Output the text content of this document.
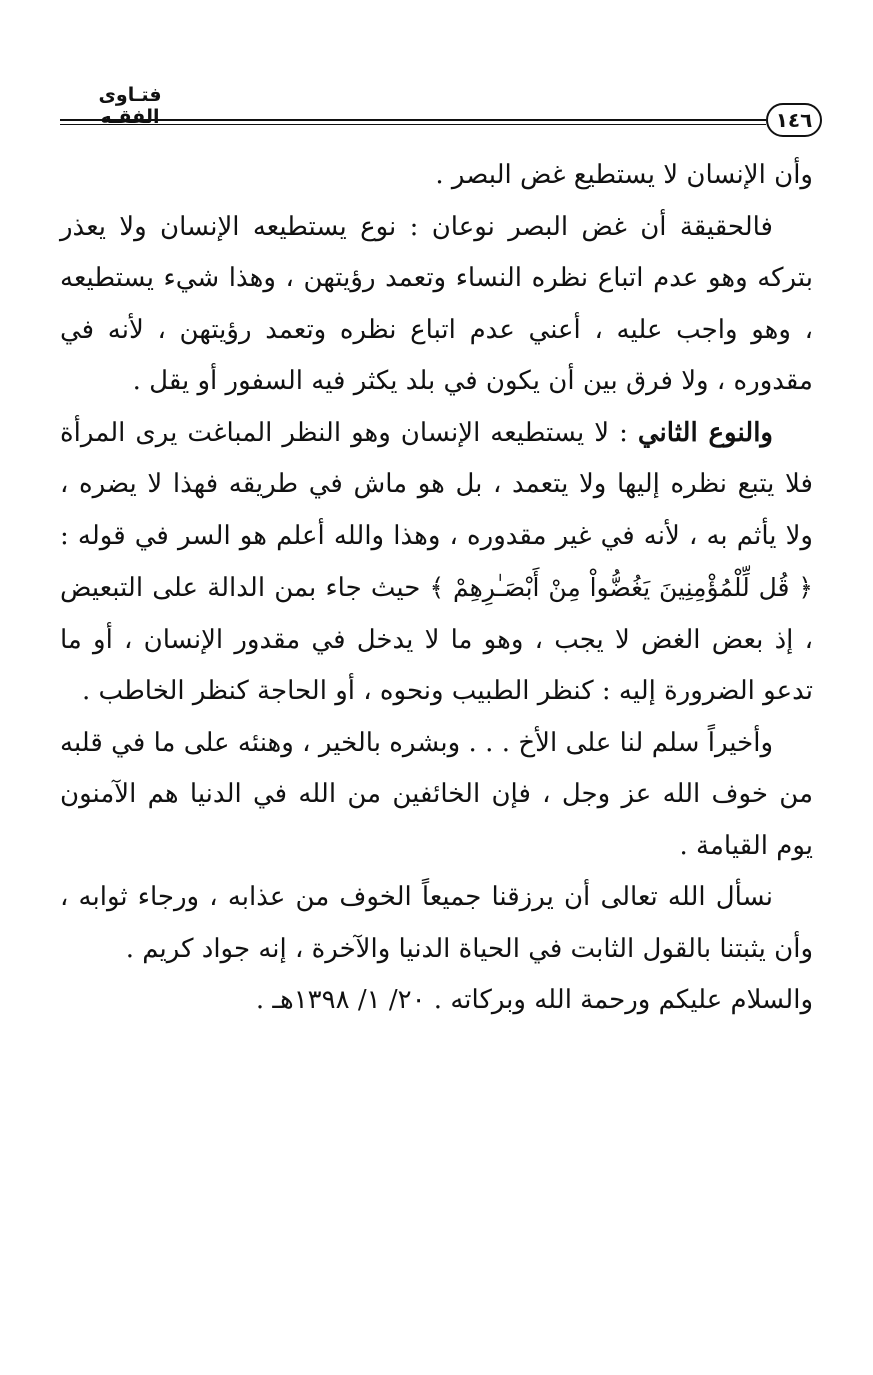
فتـاوى الفقـه	١٤٦

وأن الإنسان لا يستطيع غض البصر .

فالحقيقة أن غض البصر نوعان : نوع يستطيعه الإنسان ولا يعذر بتركه وهو عدم اتباع نظره النساء وتعمد رؤيتهن ، وهذا شيء يستطيعه ، وهو واجب عليه ، أعني عدم اتباع نظره وتعمد رؤيتهن ، لأنه في مقدوره ، ولا فرق بين أن يكون في بلد يكثر فيه السفور أو يقل .

والنوع الثاني : لا يستطيعه الإنسان وهو النظر المباغت يرى المرأة فلا يتبع نظره إليها ولا يتعمد ، بل هو ماش في طريقه فهذا لا يضره ، ولا يأثم به ، لأنه في غير مقدوره ، وهذا والله أعلم هو السر في قوله : ﴿ قُل لِّلْمُؤْمِنِينَ يَغُضُّواْ مِنْ أَبْصَـٰرِهِمْ ﴾ حيث جاء بمن الدالة على التبعيض ، إذ بعض الغض لا يجب ، وهو ما لا يدخل في مقدور الإنسان ، أو ما تدعو الضرورة إليه : كنظر الطبيب ونحوه ، أو الحاجة كنظر الخاطب .

وأخيراً سلم لنا على الأخ . . . وبشره بالخير ، وهنئه على ما في قلبه من خوف الله عز وجل ، فإن الخائفين من الله في الدنيا هم الآمنون يوم القيامة .

نسأل الله تعالى أن يرزقنا جميعاً الخوف من عذابه ، ورجاء ثوابه ، وأن يثبتنا بالقول الثابت في الحياة الدنيا والآخرة ، إنه جواد كريم .

والسلام عليكم ورحمة الله وبركاته . ٢٠/ ١/ ١٣٩٨هـ .
